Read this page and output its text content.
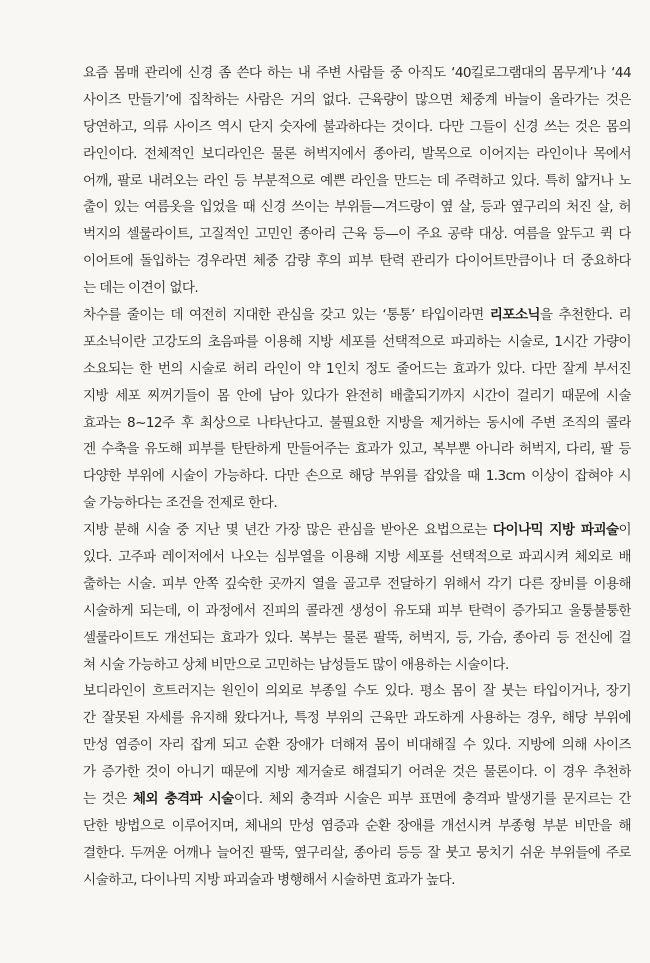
요즘 몸매 관리에 신경 좀 쓴다 하는 내 주변 사람들 중 아직도 ‘40킬로그램대의 몸무게’나 ‘44
사이즈 만들기’에 집착하는 사람은 거의 없다. 근육량이 많으면 체중계 바늘이 올라가는 것은
당연하고, 의류 사이즈 역시 단지 숫자에 불과하다는 것이다. 다만 그들이 신경 쓰는 것은 몸의
라인이다. 전체적인 보디라인은 물론 허벅지에서 종아리, 발목으로 이어지는 라인이나 목에서
어깨, 팔로 내려오는 라인 등 부분적으로 예쁜 라인을 만드는 데 주력하고 있다. 특히 얇거나 노
출이 있는 여름옷을 입었을 때 신경 쓰이는 부위들—겨드랑이 옆 살, 등과 옆구리의 처진 살, 허
벅지의 셀룰라이트, 고질적인 고민인 종아리 근육 등—이 주요 공략 대상. 여름을 앞두고 퀵 다
이어트에 돌입하는 경우라면 체중 감량 후의 피부 탄력 관리가 다이어트만큼이나 더 중요하다
는 데는 이견이 없다.
차수를 줄이는 데 여전히 지대한 관심을 갖고 있는 ‘통통’ 타입이라면 리포소닉을 추천한다. 리
포소닉이란 고강도의 초음파를 이용해 지방 세포를 선택적으로 파괴하는 시술로, 1시간 가량이
소요되는 한 번의 시술로 허리 라인이 약 1인치 정도 줄어드는 효과가 있다. 다만 잘게 부서진
지방 세포 찌꺼기들이 몸 안에 남아 있다가 완전히 배출되기까지 시간이 걸리기 때문에 시술
효과는 8~12주 후 최상으로 나타난다고. 불필요한 지방을 제거하는 동시에 주변 조직의 콜라
겐 수축을 유도해 피부를 탄탄하게 만들어주는 효과가 있고, 복부뿐 아니라 허벅지, 다리, 팔 등
다양한 부위에 시술이 가능하다. 다만 손으로 해당 부위를 잡았을 때 1.3cm 이상이 잡혀야 시
술 가능하다는 조건을 전제로 한다.
지방 분해 시술 중 지난 몇 년간 가장 많은 관심을 받아온 요법으로는 다이나믹 지방 파괴술이
있다. 고주파 레이저에서 나오는 심부열을 이용해 지방 세포를 선택적으로 파괴시켜 체외로 배
출하는 시술. 피부 안쪽 깊숙한 곳까지 열을 골고루 전달하기 위해서 각기 다른 장비를 이용해
시술하게 되는데, 이 과정에서 진피의 콜라겐 생성이 유도돼 피부 탄력이 증가되고 울퉁불퉁한
셀룰라이트도 개선되는 효과가 있다. 복부는 물론 팔뚝, 허벅지, 등, 가슴, 종아리 등 전신에 걸
쳐 시술 가능하고 상체 비만으로 고민하는 남성들도 많이 애용하는 시술이다.
보디라인이 흐트러지는 원인이 의외로 부종일 수도 있다. 평소 몸이 잘 붓는 타입이거나, 장기
간 잘못된 자세를 유지해 왔다거나, 특정 부위의 근육만 과도하게 사용하는 경우, 해당 부위에
만성 염증이 자리 잡게 되고 순환 장애가 더해져 몸이 비대해질 수 있다. 지방에 의해 사이즈
가 증가한 것이 아니기 때문에 지방 제거술로 해결되기 어려운 것은 물론이다. 이 경우 추천하
는 것은 체외 충격파 시술이다. 체외 충격파 시술은 피부 표면에 충격파 발생기를 문지르는 간
단한 방법으로 이루어지며, 체내의 만성 염증과 순환 장애를 개선시켜 부종형 부분 비만을 해
결한다. 두꺼운 어깨나 늘어진 팔뚝, 옆구리살, 종아리 등등 잘 붓고 뭉치기 쉬운 부위들에 주로
시술하고, 다이나믹 지방 파괴술과 병행해서 시술하면 효과가 높다.
